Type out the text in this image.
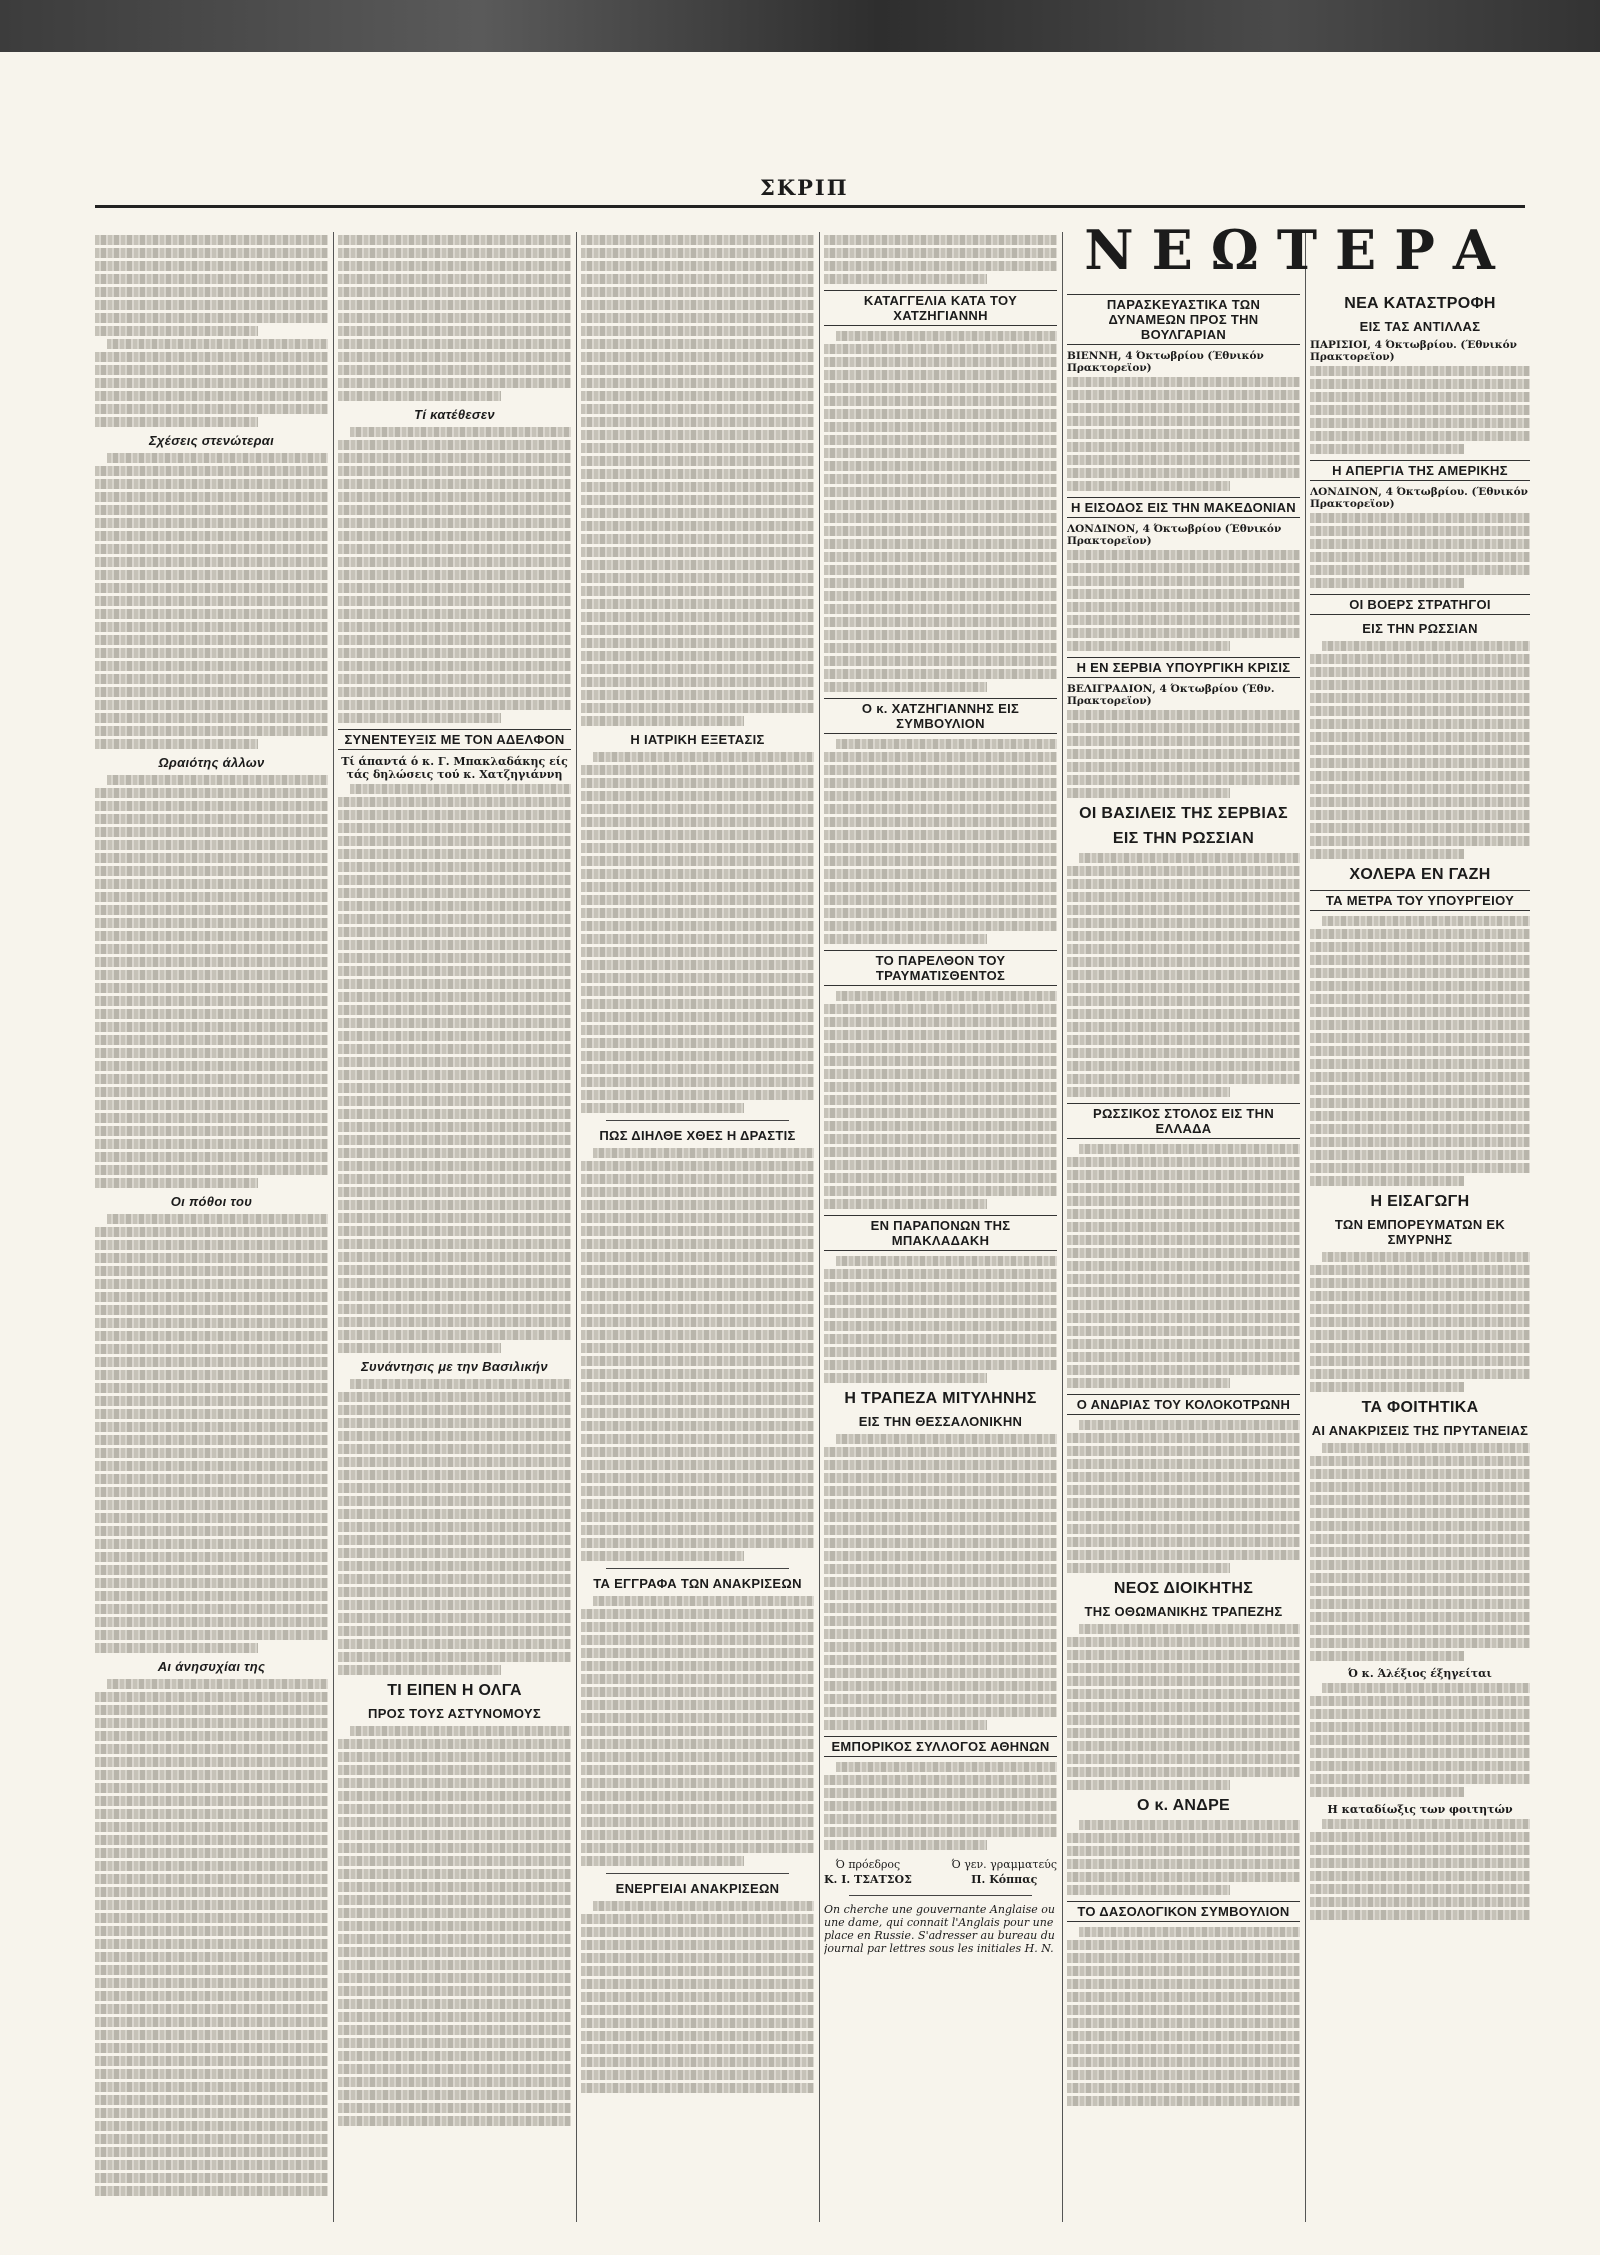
ΣΚΡΙΠ
Σχέσεις στενώτεραι
Ωραιότης άλλων
Οι πόθοι του
Αι άνησυχίαι της
Τί κατέθεσεν
ΣΥΝΕΝΤΕΥΞΙΣ ΜΕ ΤΟΝ ΑΔΕΛΦΟΝ
Τί άπαντά ό κ. Γ. Μπακλαδάκης είς τάς δηλώσεις τού κ. Χατζηγιάννη
Συνάντησις με την Βασιλικήν
ΤΙ ΕΙΠΕΝ Η ΟΛΓΑ
ΠΡΟΣ ΤΟΥΣ ΑΣΤΥΝΟΜΟΥΣ
Η ΙΑΤΡΙΚΗ ΕΞΕΤΑΣΙΣ
ΠΩΣ ΔΙΗΛΘΕ ΧΘΕΣ Η ΔΡΑΣΤΙΣ
ΤΑ ΕΓΓΡΑΦΑ ΤΩΝ ΑΝΑΚΡΙΣΕΩΝ
ΕΝΕΡΓΕΙΑΙ ΑΝΑΚΡΙΣΕΩΝ
ΚΑΤΑΓΓΕΛΙΑ ΚΑΤΑ ΤΟΥ ΧΑΤΖΗΓΙΑΝΝΗ
Ο κ. ΧΑΤΖΗΓΙΑΝΝΗΣ ΕΙΣ ΣΥΜΒΟΥΛΙΟΝ
ΤΟ ΠΑΡΕΛΘΟΝ ΤΟΥ ΤΡΑΥΜΑΤΙΣΘΕΝΤΟΣ
ΕΝ ΠΑΡΑΠΟΝΩΝ ΤΗΣ ΜΠΑΚΛΑΔΑΚΗ
Η ΤΡΑΠΕΖΑ ΜΙΤΥΛΗΝΗΣ
ΕΙΣ ΤΗΝ ΘΕΣΣΑΛΟΝΙΚΗΝ
ΕΜΠΟΡΙΚΟΣ ΣΥΛΛΟΓΟΣ ΑΘΗΝΩΝ
Ό πρόεδρος
Κ. Ι. ΤΣΑΤΣΟΣ
Ό γεν. γραμματεύς
Π. Κόππας
On cherche une gouvernante Anglaise ou une dame, qui connait l'Anglais pour une place en Russie. S'adresser au bureau du journal par lettres sous les initiales H. N.
ΝΕΩΤΕΡΑ
ΠΑΡΑΣΚΕΥΑΣΤΙΚΑ ΤΩΝ ΔΥΝΑΜΕΩΝ ΠΡΟΣ ΤΗΝ ΒΟΥΛΓΑΡΙΑΝ
ΒΙΕΝΝΗ, 4 Όκτωβρίου (Έθνικόν Πρακτορεϊον)
Η ΕΙΣΟΔΟΣ ΕΙΣ ΤΗΝ ΜΑΚΕΔΟΝΙΑΝ
ΛΟΝΔΙΝΟΝ, 4 Όκτωβρίου (Έθνικόν Πρακτορεϊον)
Η ΕΝ ΣΕΡΒΙΑ ΥΠΟΥΡΓΙΚΗ ΚΡΙΣΙΣ
ΒΕΛΙΓΡΑΔΙΟΝ, 4 Όκτωβρίου (Έθν. Πρακτορεϊον)
ΟΙ ΒΑΣΙΛΕΙΣ ΤΗΣ ΣΕΡΒΙΑΣ
ΕΙΣ ΤΗΝ ΡΩΣΣΙΑΝ
ΡΩΣΣΙΚΟΣ ΣΤΟΛΟΣ ΕΙΣ ΤΗΝ ΕΛΛΑΔΑ
Ο ΑΝΔΡΙΑΣ ΤΟΥ ΚΟΛΟΚΟΤΡΩΝΗ
ΝΕΟΣ ΔΙΟΙΚΗΤΗΣ
ΤΗΣ ΟΘΩΜΑΝΙΚΗΣ ΤΡΑΠΕΖΗΣ
Ο κ. ΑΝΔΡΕ
ΤΟ ΔΑΣΟΛΟΓΙΚΟΝ ΣΥΜΒΟΥΛΙΟΝ
ΝΕΑ ΚΑΤΑΣΤΡΟΦΗ
ΕΙΣ ΤΑΣ ΑΝΤΙΛΛΑΣ
ΠΑΡΙΣΙΟΙ, 4 Όκτωβρίου. (Έθνικόν Πρακτορεϊον)
Η ΑΠΕΡΓΙΑ ΤΗΣ ΑΜΕΡΙΚΗΣ
ΛΟΝΔΙΝΟΝ, 4 Όκτωβρίου. (Έθνικόν Πρακτορεϊον)
ΟΙ ΒΟΕΡΣ ΣΤΡΑΤΗΓΟΙ
ΕΙΣ ΤΗΝ ΡΩΣΣΙΑΝ
ΧΟΛΕΡΑ ΕΝ ΓΑΖΗ
ΤΑ ΜΕΤΡΑ ΤΟΥ ΥΠΟΥΡΓΕΙΟΥ
Η ΕΙΣΑΓΩΓΗ
ΤΩΝ ΕΜΠΟΡΕΥΜΑΤΩΝ ΕΚ ΣΜΥΡΝΗΣ
ΤΑ ΦΟΙΤΗΤΙΚΑ
ΑΙ ΑΝΑΚΡΙΣΕΙΣ ΤΗΣ ΠΡΥΤΑΝΕΙΑΣ
Ό κ. Άλέξιος έξηγείται
Η καταδίωξις των φοιτητών
